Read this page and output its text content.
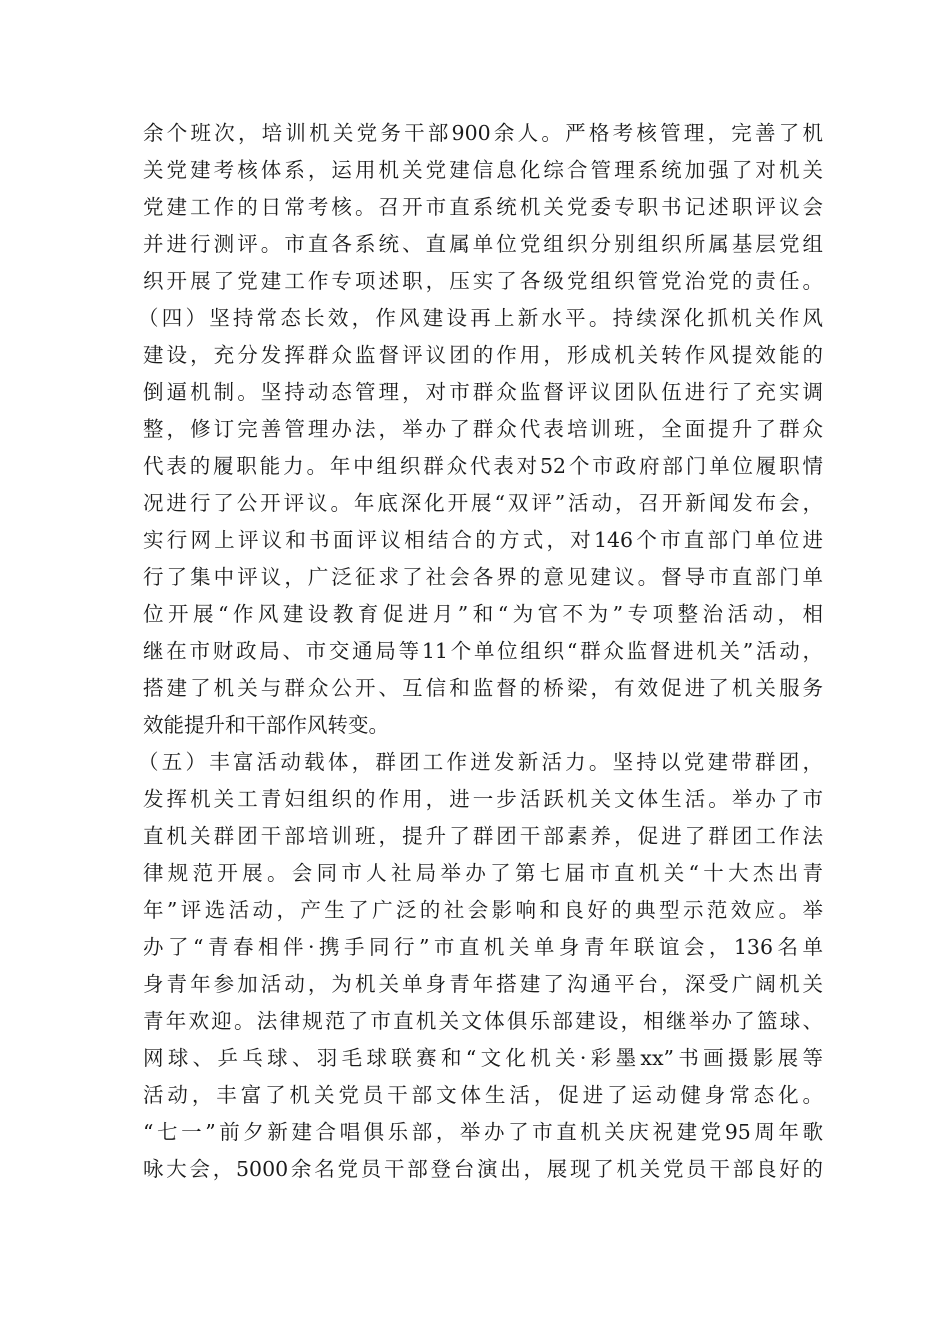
余个班次，培训机关党务干部900余人。严格考核管理，完善了机
关党建考核体系，运用机关党建信息化综合管理系统加强了对机关
党建工作的日常考核。召开市直系统机关党委专职书记述职评议会
并进行测评。市直各系统、直属单位党组织分别组织所属基层党组
织开展了党建工作专项述职，压实了各级党组织管党治党的责任。
（四）坚持常态长效，作风建设再上新水平。持续深化抓机关作风
建设，充分发挥群众监督评议团的作用，形成机关转作风提效能的
倒逼机制。坚持动态管理，对市群众监督评议团队伍进行了充实调
整，修订完善管理办法，举办了群众代表培训班，全面提升了群众
代表的履职能力。年中组织群众代表对52个市政府部门单位履职情
况进行了公开评议。年底深化开展“双评”活动，召开新闻发布会，
实行网上评议和书面评议相结合的方式，对146个市直部门单位进
行了集中评议，广泛征求了社会各界的意见建议。督导市直部门单
位开展“作风建设教育促进月”和“为官不为”专项整治活动，相
继在市财政局、市交通局等11个单位组织“群众监督进机关”活动，
搭建了机关与群众公开、互信和监督的桥梁，有效促进了机关服务
效能提升和干部作风转变。
（五）丰富活动载体，群团工作迸发新活力。坚持以党建带群团，
发挥机关工青妇组织的作用，进一步活跃机关文体生活。举办了市
直机关群团干部培训班，提升了群团干部素养，促进了群团工作法
律规范开展。会同市人社局举办了第七届市直机关“十大杰出青
年”评选活动，产生了广泛的社会影响和良好的典型示范效应。举
办了“青春相伴·携手同行”市直机关单身青年联谊会，136名单
身青年参加活动，为机关单身青年搭建了沟通平台，深受广阔机关
青年欢迎。法律规范了市直机关文体俱乐部建设，相继举办了篮球、
网球、乒乓球、羽毛球联赛和“文化机关·彩墨xx”书画摄影展等
活动，丰富了机关党员干部文体生活，促进了运动健身常态化。
“七一”前夕新建合唱俱乐部，举办了市直机关庆祝建党95周年歌
咏大会，5000余名党员干部登台演出，展现了机关党员干部良好的
